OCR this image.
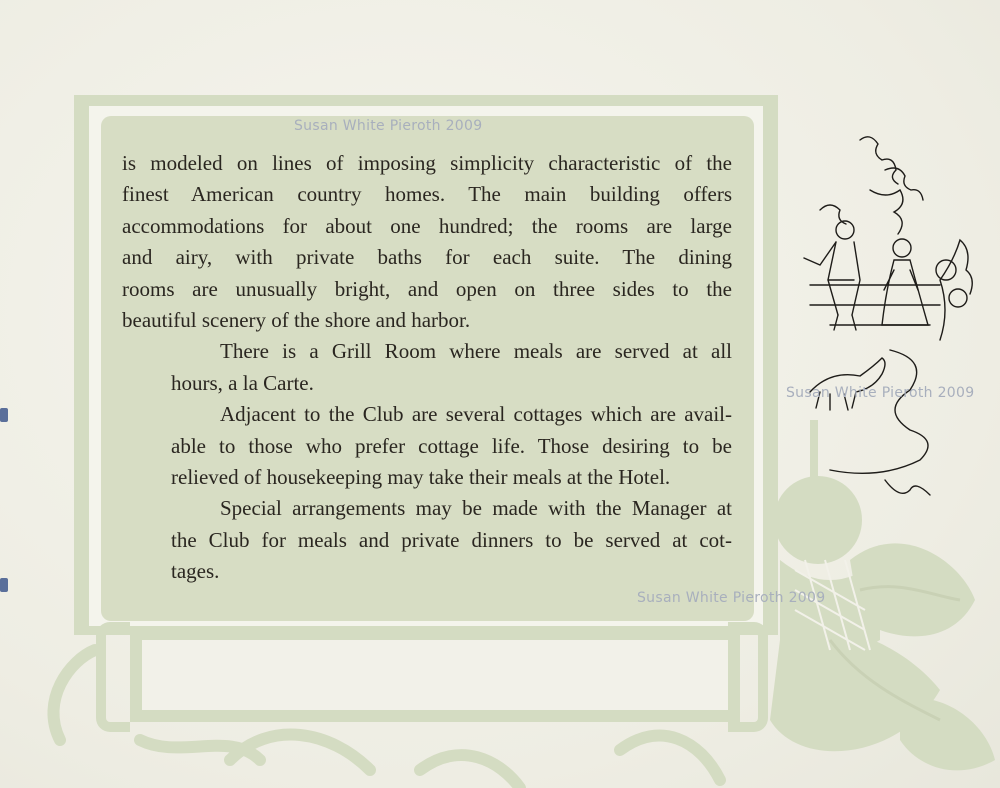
Susan White Pieroth 2009
Susan White Pieroth 2009
Susan White Pieroth 2009
is modeled on lines of imposing simplicity characteristic of the
finest American country homes. The main building offers
accommodations for about one hundred; the rooms are large
and airy, with private baths for each suite. The dining
rooms are unusually bright, and open on three sides to the
beautiful scenery of the shore and harbor.
There is a Grill Room where meals are served at all
hours, a la Carte.
Adjacent to the Club are several cottages which are avail-
able to those who prefer cottage life. Those desiring to be
relieved of housekeeping may take their meals at the Hotel.
Special arrangements may be made with the Manager at
the Club for meals and private dinners to be served at cot-
tages.
